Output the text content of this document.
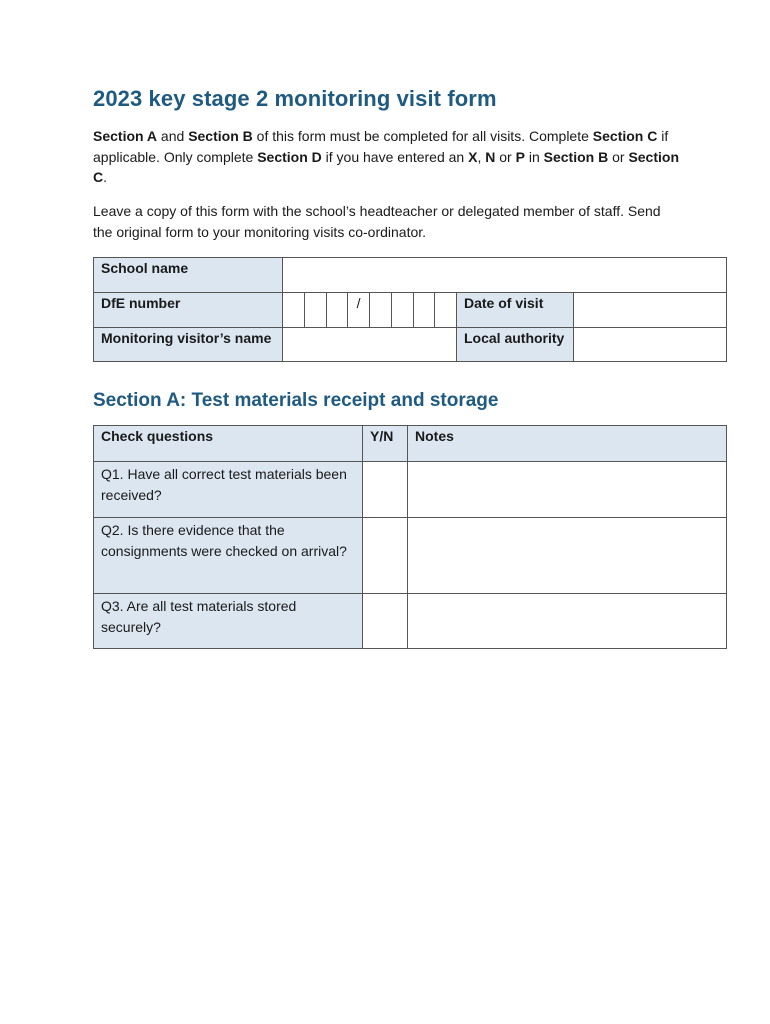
2023 key stage 2 monitoring visit form

Section A and Section B of this form must be completed for all visits. Complete Section C if applicable. Only complete Section D if you have entered an X, N or P in Section B or Section C.

Leave a copy of this form with the school’s headteacher or delegated member of staff. Send the original form to your monitoring visits co-ordinator.

School name			

DfE number	/	Date of visit	

Monitoring visitor’s name		Local authority	

Section A: Test materials receipt and storage
Check questions	Y/N	Notes

Q1. Have all correct test materials been received?		
Q2. Is there evidence that the consignments were checked on arrival?		
Q3. Are all test materials stored securely?		
